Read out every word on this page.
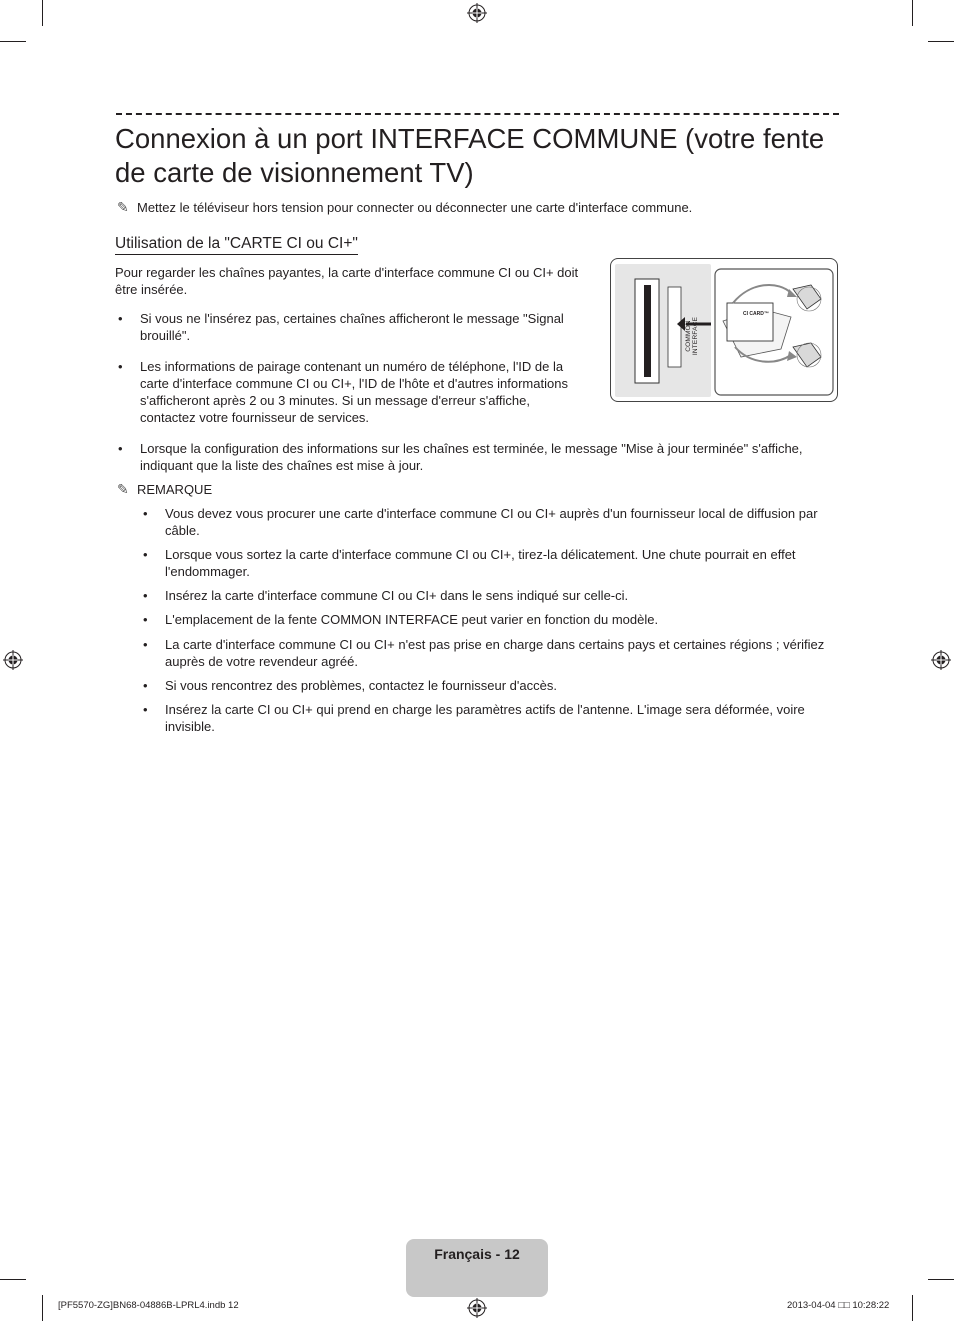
Connexion à un port INTERFACE COMMUNE (votre fente de carte de visionnement TV)
✎ Mettez le téléviseur hors tension pour connecter ou déconnecter une carte d'interface commune.
Utilisation de la "CARTE CI ou CI+"
Pour regarder les chaînes payantes, la carte d'interface commune CI ou CI+ doit être insérée.
• Si vous ne l'insérez pas, certaines chaînes afficheront le message "Signal brouillé".
• Les informations de pairage contenant un numéro de téléphone, l'ID de la carte d'interface commune CI ou CI+, l'ID de l'hôte et d'autres informations s'afficheront après 2 ou 3 minutes. Si un message d'erreur s'affiche, contactez votre fournisseur de services.
• Lorsque la configuration des informations sur les chaînes est terminée, le message "Mise à jour terminée" s'affiche, indiquant que la liste des chaînes est mise à jour.
COMMON INTERFACE
CI CARD™
✎ REMARQUE
• Vous devez vous procurer une carte d'interface commune CI ou CI+ auprès d'un fournisseur local de diffusion par câble.
• Lorsque vous sortez la carte d'interface commune CI ou CI+, tirez-la délicatement. Une chute pourrait en effet l'endommager.
• Insérez la carte d'interface commune CI ou CI+ dans le sens indiqué sur celle-ci.
• L'emplacement de la fente COMMON INTERFACE peut varier en fonction du modèle.
• La carte d'interface commune CI ou CI+ n'est pas prise en charge dans certains pays et certaines régions ; vérifiez auprès de votre revendeur agréé.
• Si vous rencontrez des problèmes, contactez le fournisseur d'accès.
• Insérez la carte CI ou CI+ qui prend en charge les paramètres actifs de l'antenne. L'image sera déformée, voire invisible.
Français - 12
[PF5570-ZG]BN68-04886B-LPRL4.indb 12	2013-04-04 □□ 10:28:22
